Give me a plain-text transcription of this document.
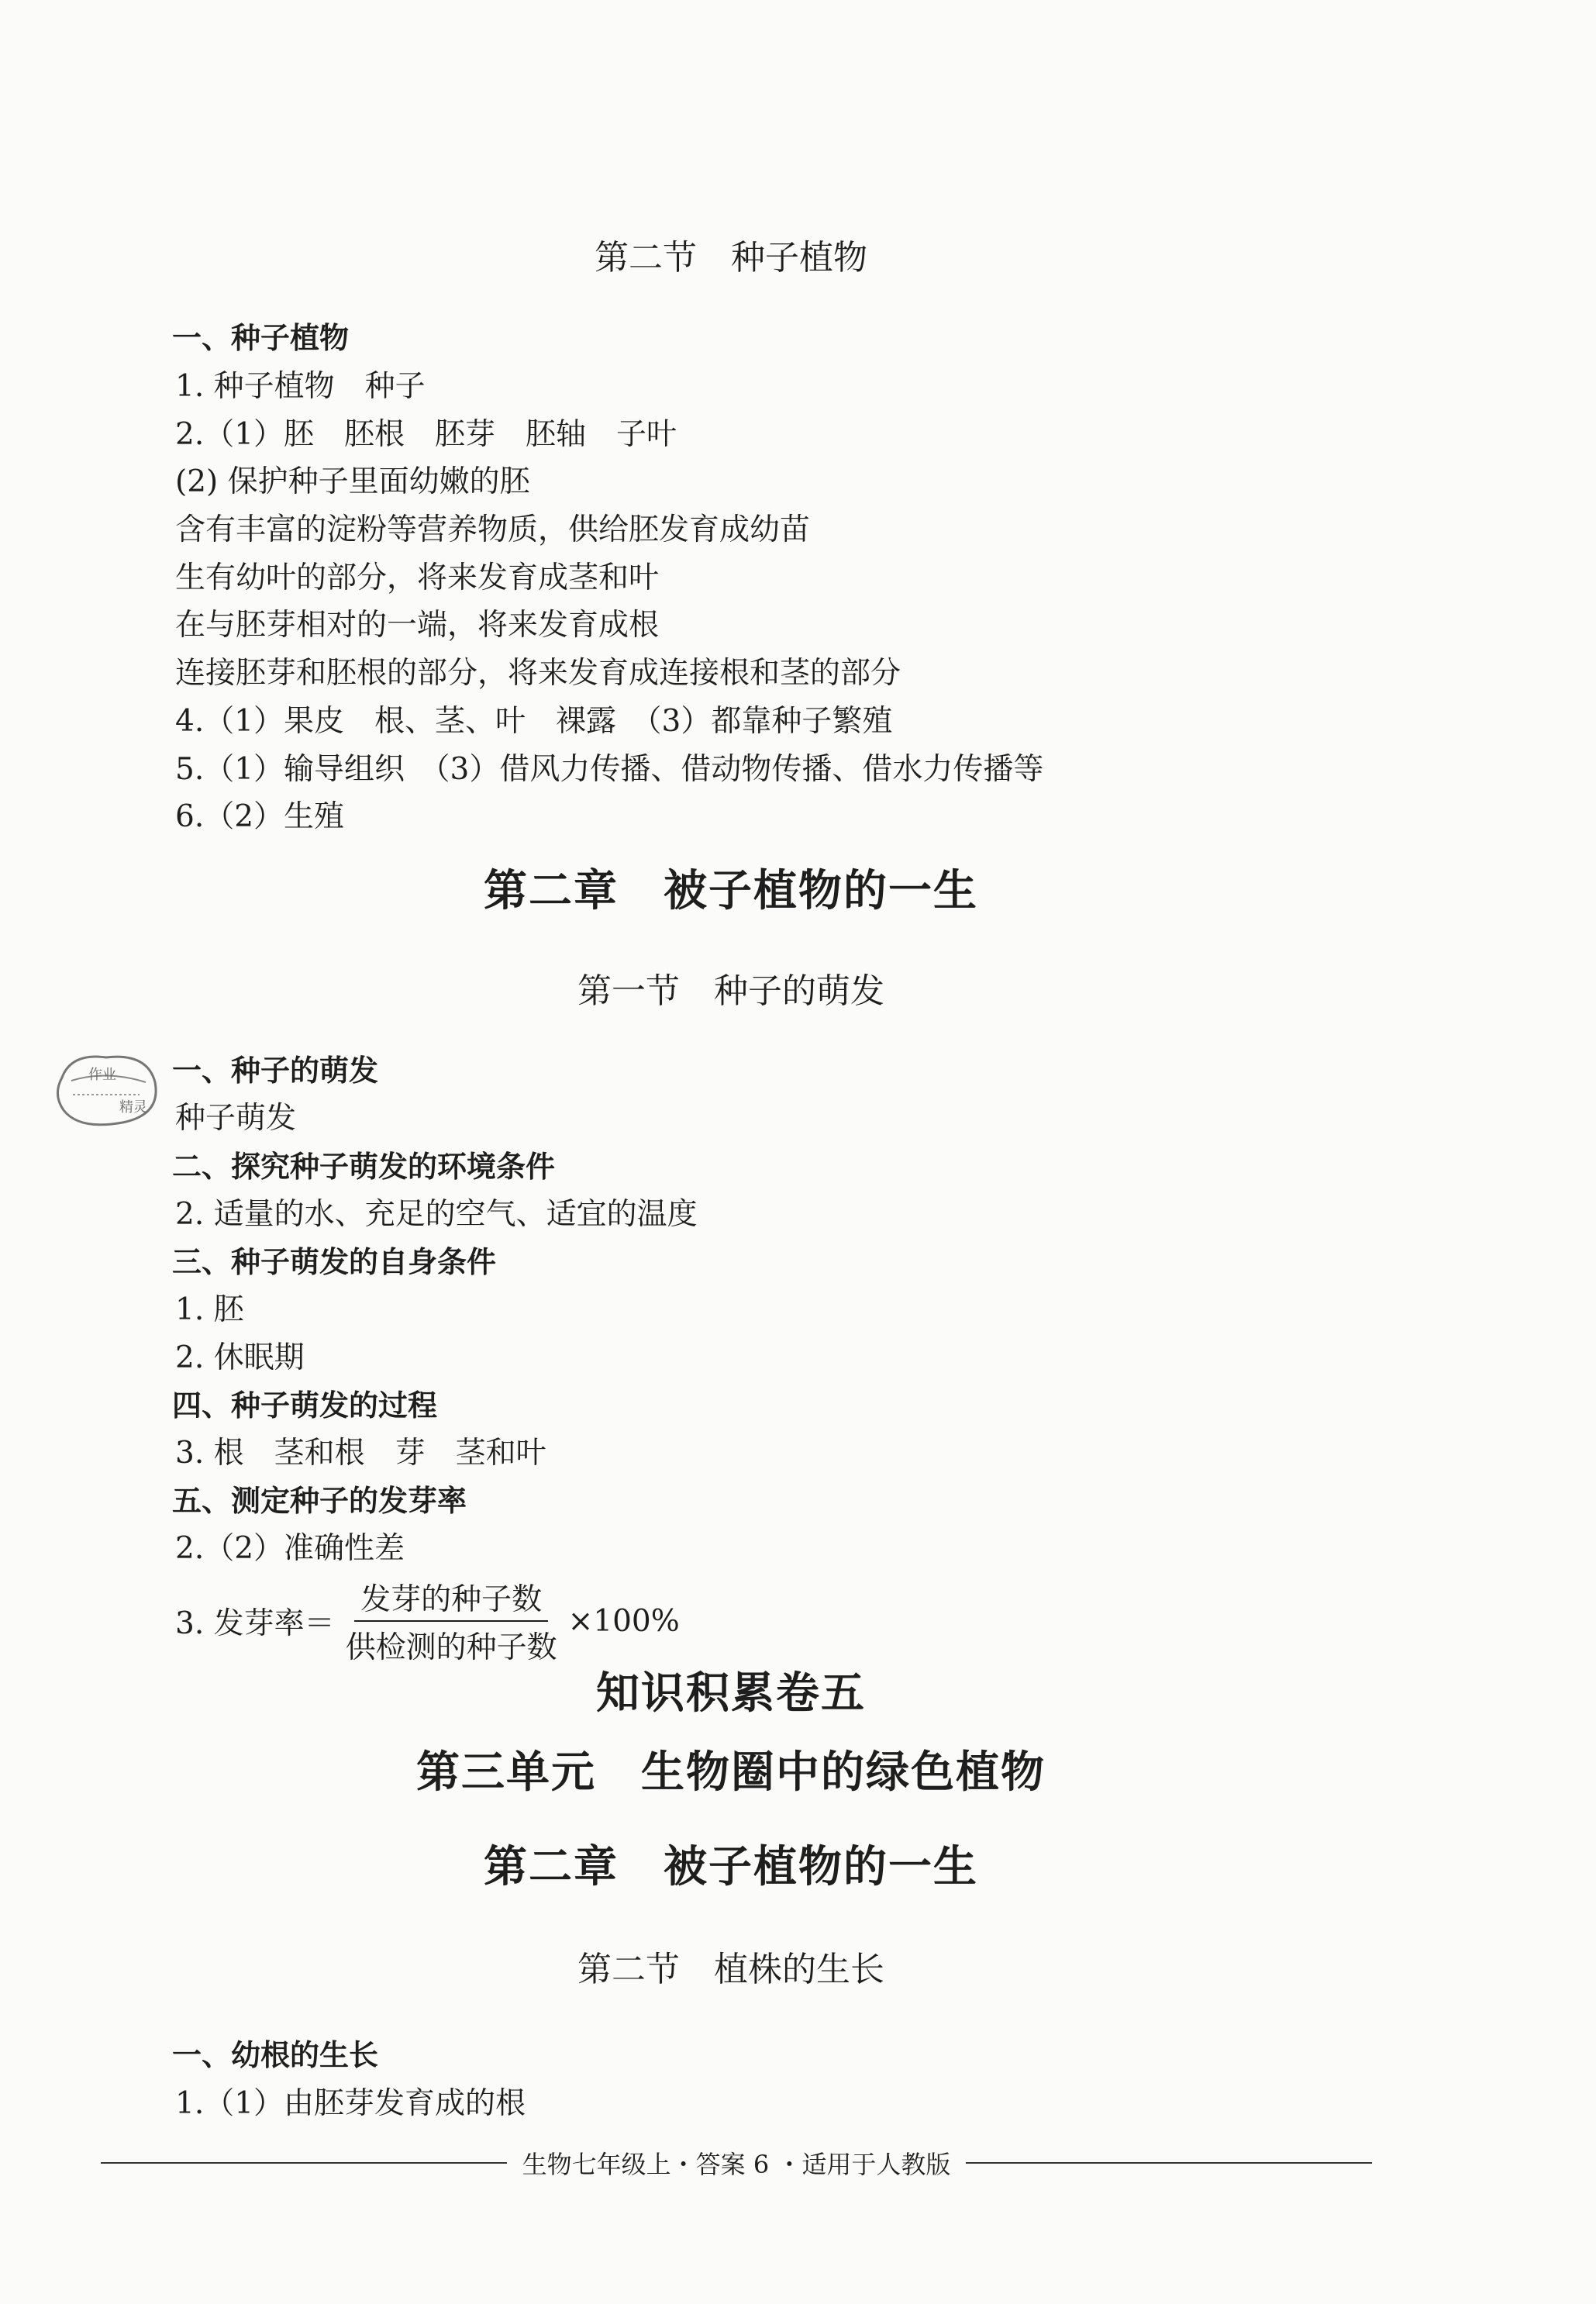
第二节　种子植物
一、种子植物
1. 种子植物　种子
2.（1）胚　胚根　胚芽　胚轴　子叶
(2) 保护种子里面幼嫩的胚
含有丰富的淀粉等营养物质，供给胚发育成幼苗
生有幼叶的部分，将来发育成茎和叶
在与胚芽相对的一端，将来发育成根
连接胚芽和胚根的部分，将来发育成连接根和茎的部分
4.（1）果皮　根、茎、叶　裸露　（3）都靠种子繁殖
5.（1）输导组织　（3）借风力传播、借动物传播、借水力传播等
6.（2）生殖
第二章　被子植物的一生
第一节　种子的萌发
作业
精灵
一、种子的萌发
种子萌发
二、探究种子萌发的环境条件
2. 适量的水、充足的空气、适宜的温度
三、种子萌发的自身条件
1. 胚
2. 休眠期
四、种子萌发的过程
3. 根　茎和根　芽　茎和叶
五、测定种子的发芽率
2.（2）准确性差
3. 发芽率＝ $\frac{\text{发芽的种子数}}{\text{供检测的种子数}} \times 100\%$
知识积累卷五
第三单元　生物圈中的绿色植物
第二章　被子植物的一生
第二节　植株的生长
一、幼根的生长
1.（1）由胚芽发育成的根
生物七年级上・答案 6 ・适用于人教版
